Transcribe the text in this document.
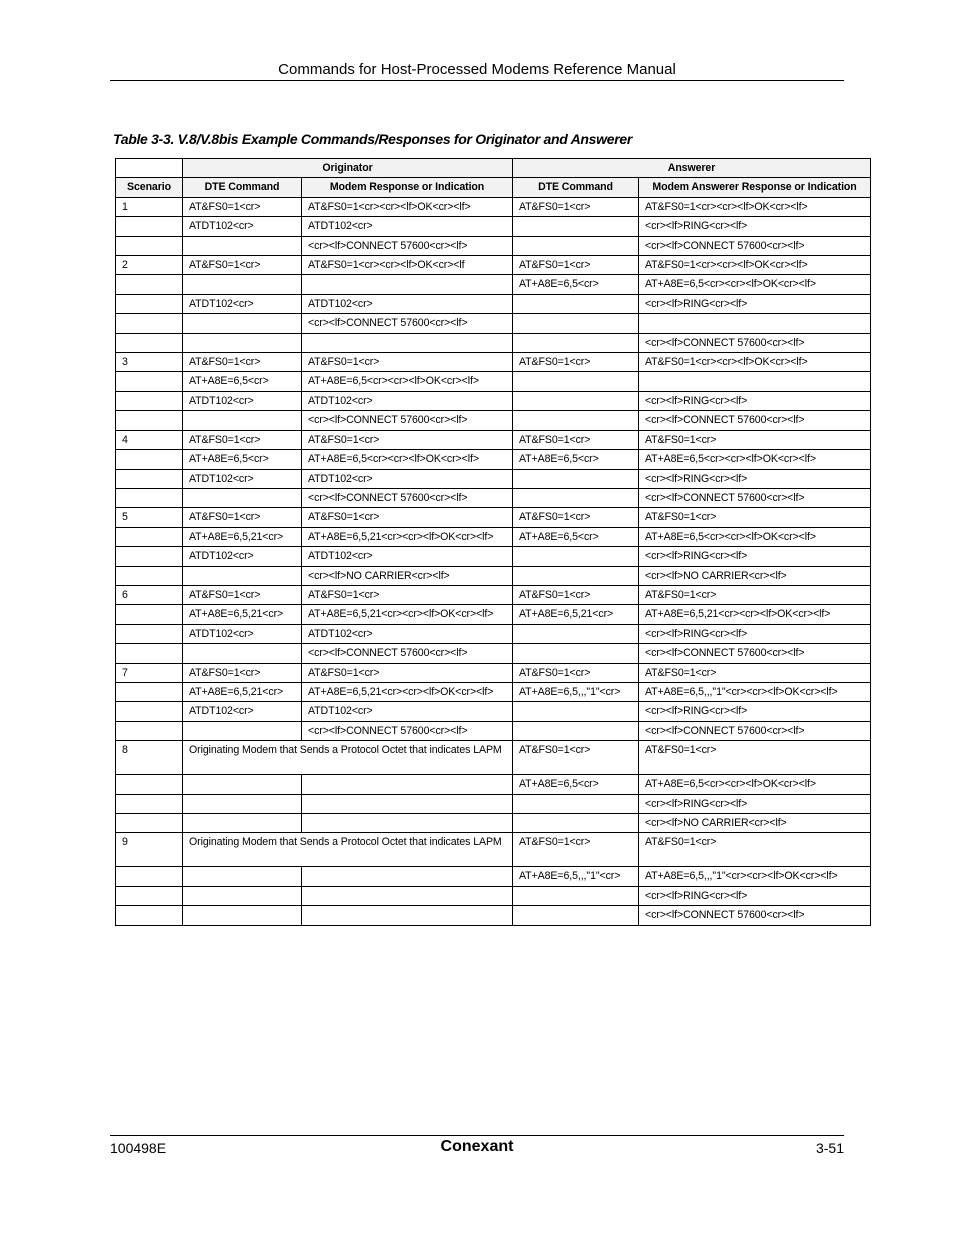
Commands for Host-Processed Modems Reference Manual
Table 3-3. V.8/V.8bis Example Commands/Responses for Originator and Answerer
	Originator		Answerer	
Scenario	DTE Command	Modem Response or Indication	DTE Command	Modem Answerer Response or Indication
1	AT&FS0=1<cr>	AT&FS0=1<cr><cr><lf>OK<cr><lf>	AT&FS0=1<cr>	AT&FS0=1<cr><cr><lf>OK<cr><lf>
	ATDT102<cr>	ATDT102<cr>		<cr><lf>RING<cr><lf>
		<cr><lf>CONNECT 57600<cr><lf>		<cr><lf>CONNECT 57600<cr><lf>
2	AT&FS0=1<cr>	AT&FS0=1<cr><cr><lf>OK<cr><lf	AT&FS0=1<cr>	AT&FS0=1<cr><cr><lf>OK<cr><lf>
			AT+A8E=6,5<cr>	AT+A8E=6,5<cr><cr><lf>OK<cr><lf>
	ATDT102<cr>	ATDT102<cr>		<cr><lf>RING<cr><lf>
		<cr><lf>CONNECT 57600<cr><lf>		
				<cr><lf>CONNECT 57600<cr><lf>
3	AT&FS0=1<cr>	AT&FS0=1<cr>	AT&FS0=1<cr>	AT&FS0=1<cr><cr><lf>OK<cr><lf>
	AT+A8E=6,5<cr>	AT+A8E=6,5<cr><cr><lf>OK<cr><lf>		
	ATDT102<cr>	ATDT102<cr>		<cr><lf>RING<cr><lf>
		<cr><lf>CONNECT 57600<cr><lf>		<cr><lf>CONNECT 57600<cr><lf>
4	AT&FS0=1<cr>	AT&FS0=1<cr>	AT&FS0=1<cr>	AT&FS0=1<cr>
	AT+A8E=6,5<cr>	AT+A8E=6,5<cr><cr><lf>OK<cr><lf>	AT+A8E=6,5<cr>	AT+A8E=6,5<cr><cr><lf>OK<cr><lf>
	ATDT102<cr>	ATDT102<cr>		<cr><lf>RING<cr><lf>
		<cr><lf>CONNECT 57600<cr><lf>		<cr><lf>CONNECT 57600<cr><lf>
5	AT&FS0=1<cr>	AT&FS0=1<cr>	AT&FS0=1<cr>	AT&FS0=1<cr>
	AT+A8E=6,5,21<cr>	AT+A8E=6,5,21<cr><cr><lf>OK<cr><lf>	AT+A8E=6,5<cr>	AT+A8E=6,5<cr><cr><lf>OK<cr><lf>
	ATDT102<cr>	ATDT102<cr>		<cr><lf>RING<cr><lf>
		<cr><lf>NO CARRIER<cr><lf>		<cr><lf>NO CARRIER<cr><lf>
6	AT&FS0=1<cr>	AT&FS0=1<cr>	AT&FS0=1<cr>	AT&FS0=1<cr>
	AT+A8E=6,5,21<cr>	AT+A8E=6,5,21<cr><cr><lf>OK<cr><lf>	AT+A8E=6,5,21<cr>	AT+A8E=6,5,21<cr><cr><lf>OK<cr><lf>
	ATDT102<cr>	ATDT102<cr>		<cr><lf>RING<cr><lf>
		<cr><lf>CONNECT 57600<cr><lf>		<cr><lf>CONNECT 57600<cr><lf>
7	AT&FS0=1<cr>	AT&FS0=1<cr>	AT&FS0=1<cr>	AT&FS0=1<cr>
	AT+A8E=6,5,21<cr>	AT+A8E=6,5,21<cr><cr><lf>OK<cr><lf>	AT+A8E=6,5,,,"1"<cr>	AT+A8E=6,5,,,"1"<cr><cr><lf>OK<cr><lf>
	ATDT102<cr>	ATDT102<cr>		<cr><lf>RING<cr><lf>
		<cr><lf>CONNECT 57600<cr><lf>		<cr><lf>CONNECT 57600<cr><lf>
8	Originating Modem that Sends a Protocol Octet that indicates LAPM		AT&FS0=1<cr>	AT&FS0=1<cr>
			AT+A8E=6,5<cr>	AT+A8E=6,5<cr><cr><lf>OK<cr><lf>
				<cr><lf>RING<cr><lf>
				<cr><lf>NO CARRIER<cr><lf>
9	Originating Modem that Sends a Protocol Octet that indicates LAPM		AT&FS0=1<cr>	AT&FS0=1<cr>
			AT+A8E=6,5,,,"1"<cr>	AT+A8E=6,5,,,"1"<cr><cr><lf>OK<cr><lf>
				<cr><lf>RING<cr><lf>
				<cr><lf>CONNECT 57600<cr><lf>
100498E	Conexant	3-51
